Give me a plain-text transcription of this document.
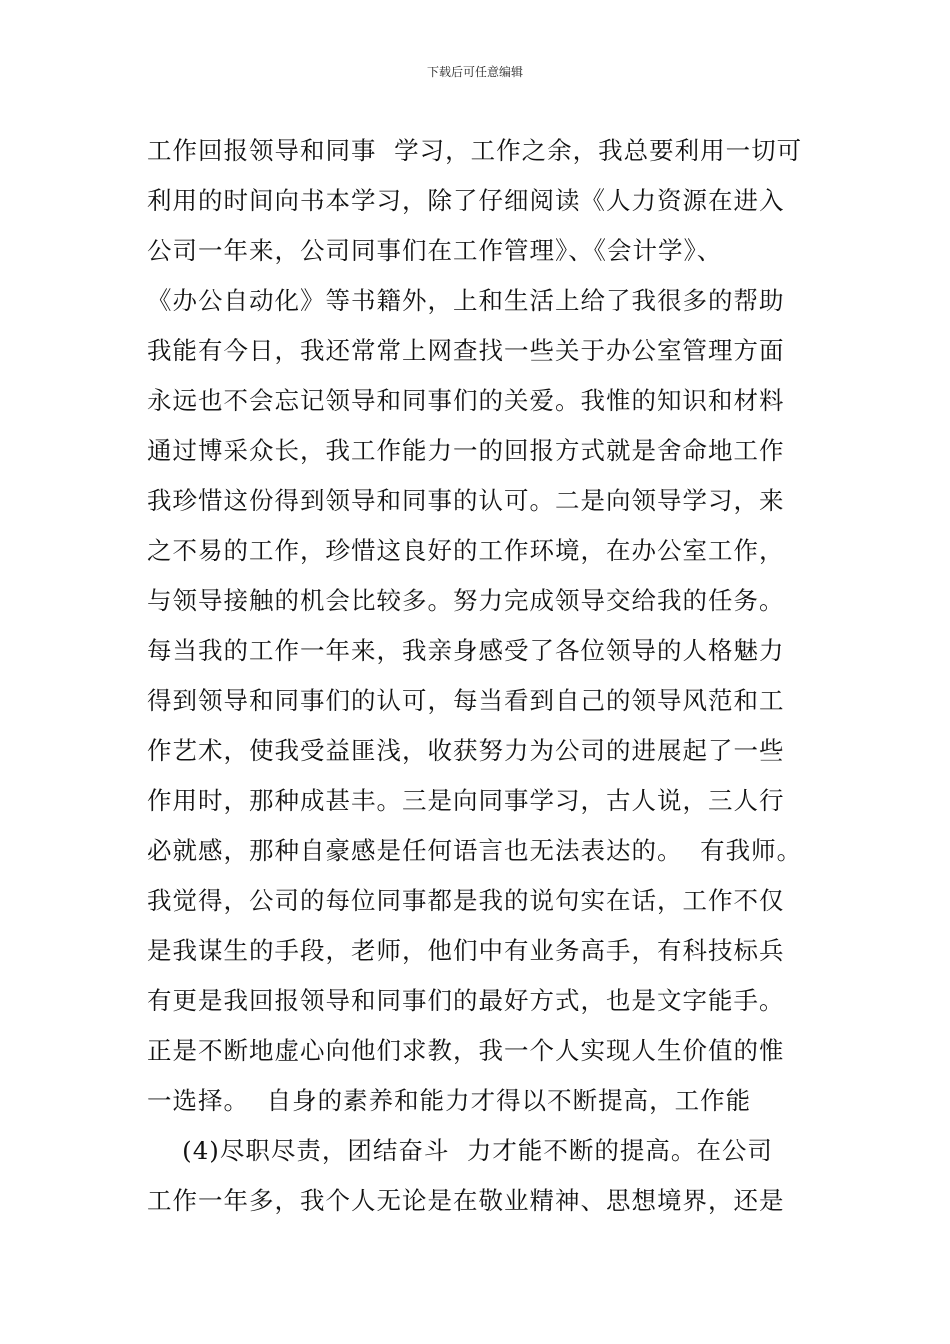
下载后可任意编辑
工作回报领导和同事  学习，工作之余，我总要利用一切可
利用的时间向书本学习，除了仔细阅读《人力资源在进入
公司一年来，公司同事们在工作管理》、《会计学》、
《办公自动化》等书籍外，上和生活上给了我很多的帮助
我能有今日，我还常常上网查找一些关于办公室管理方面
永远也不会忘记领导和同事们的关爱。我惟的知识和材料
通过博采众长，我工作能力一的回报方式就是舍命地工作
我珍惜这份得到领导和同事的认可。二是向领导学习，来
之不易的工作，珍惜这良好的工作环境，在办公室工作，
与领导接触的机会比较多。努力完成领导交给我的任务。
每当我的工作一年来，我亲身感受了各位领导的人格魅力
得到领导和同事们的认可，每当看到自己的领导风范和工
作艺术，使我受益匪浅，收获努力为公司的进展起了一些
作用时，那种成甚丰。三是向同事学习，古人说，三人行
必就感，那种自豪感是任何语言也无法表达的。  有我师。
我觉得，公司的每位同事都是我的说句实在话，工作不仅
是我谋生的手段，老师，他们中有业务高手，有科技标兵
有更是我回报领导和同事们的最好方式，也是文字能手。
正是不断地虚心向他们求教，我一个人实现人生价值的惟
一选择。  自身的素养和能力才得以不断提高，工作能
(4)尽职尽责，团结奋斗  力才能不断的提高。在公司
工作一年多，我个人无论是在敬业精神、思想境界，还是
